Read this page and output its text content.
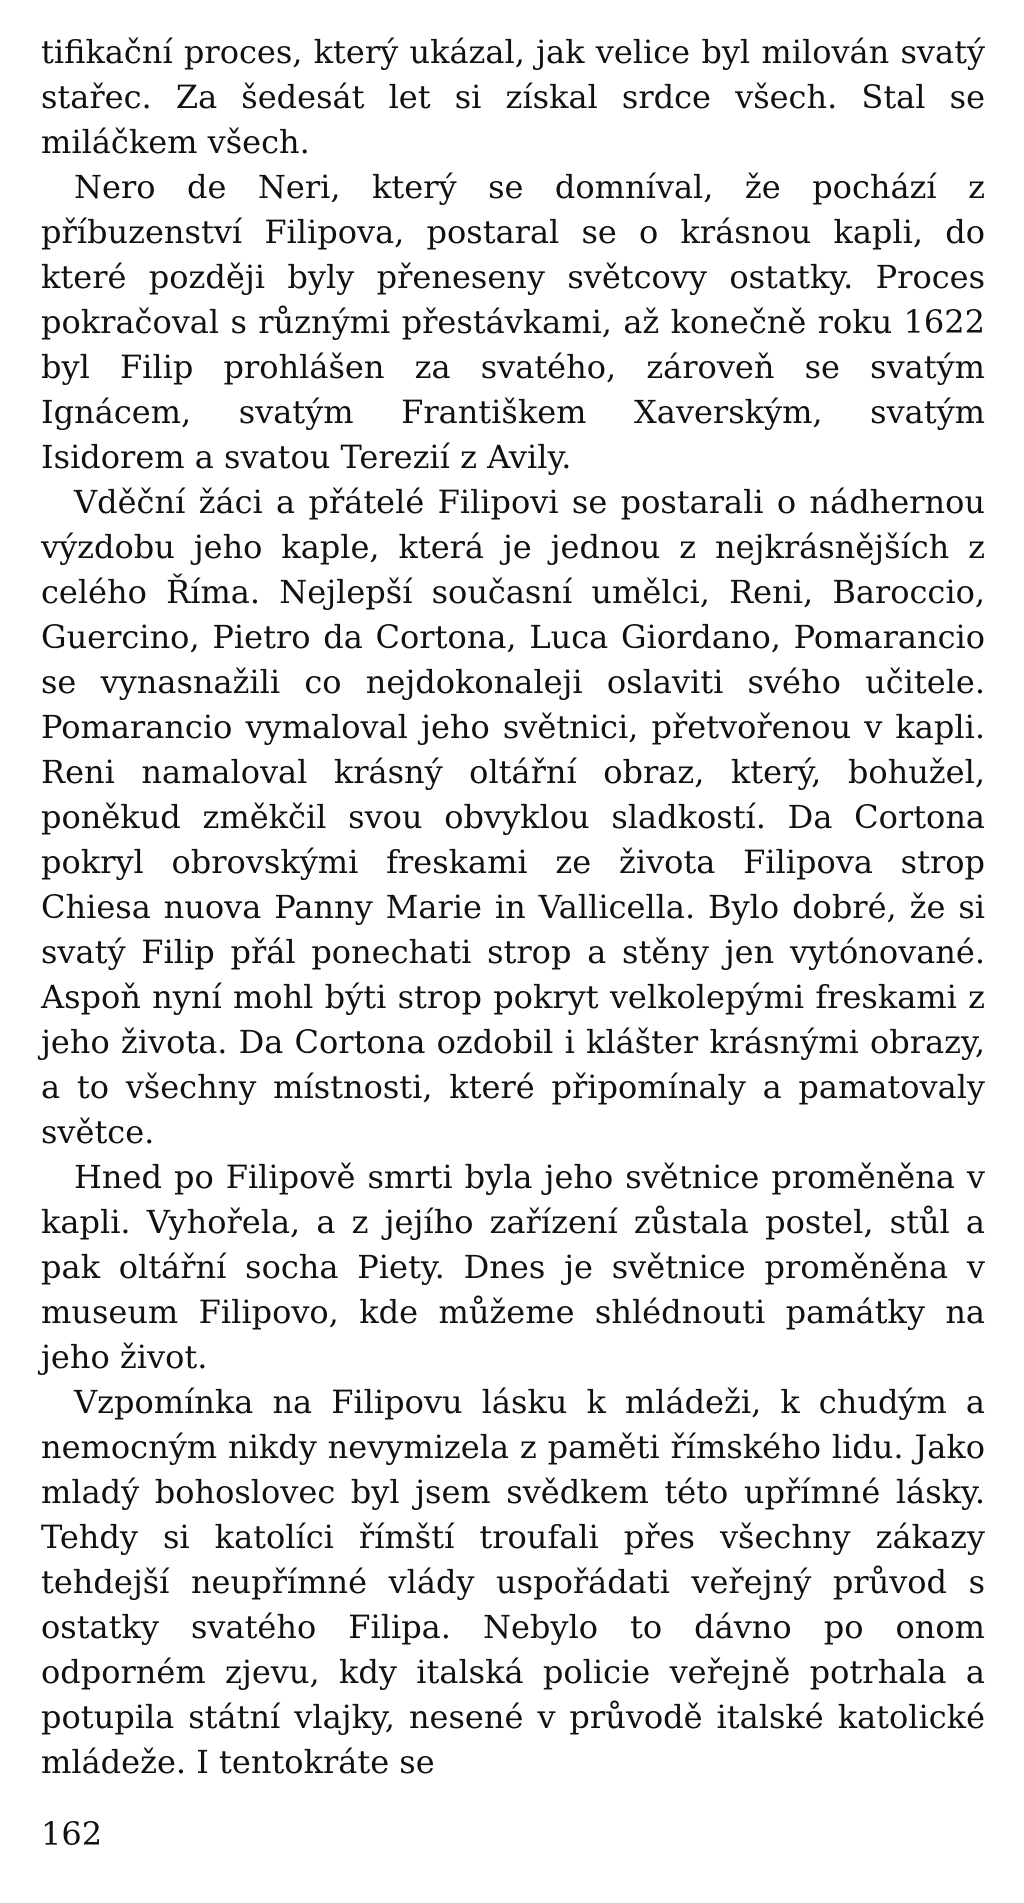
tifikační proces, který ukázal, jak velice byl milován svatý stařec. Za šedesát let si získal srdce všech. Stal se miláčkem všech.

Nero de Neri, který se domníval, že pochází z příbuzenství Filipova, postaral se o krásnou kapli, do které později byly přeneseny světcovy ostatky. Proces pokračoval s různými přestávkami, až konečně roku 1622 byl Filip prohlášen za svatého, zároveň se svatým Ignácem, svatým Františkem Xaverským, svatým Isidorem a svatou Terezií z Avily.

Vděční žáci a přátelé Filipovi se postarali o nádhernou výzdobu jeho kaple, která je jednou z nejkrásnějších z celého Říma. Nejlepší současní umělci, Reni, Baroccio, Guercino, Pietro da Cortona, Luca Giordano, Pomarancio se vynasnažili co nejdokonaleji oslaviti svého učitele. Pomarancio vymaloval jeho světnici, přetvořenou v kapli. Reni namaloval krásný oltářní obraz, který, bohužel, poněkud změkčil svou obvyklou sladkostí. Da Cortona pokryl obrovskými freskami ze života Filipova strop Chiesa nuova Panny Marie in Vallicella. Bylo dobré, že si svatý Filip přál ponechati strop a stěny jen vytónované. Aspoň nyní mohl býti strop pokryt velkolepými freskami z jeho života. Da Cortona ozdobil i klášter krásnými obrazy, a to všechny místnosti, které připomínaly a pamatovaly světce.

Hned po Filipově smrti byla jeho světnice proměněna v kapli. Vyhořela, a z jejího zařízení zůstala postel, stůl a pak oltářní socha Piety. Dnes je světnice proměněna v museum Filipovo, kde můžeme shlédnouti památky na jeho život.

Vzpomínka na Filipovu lásku k mládeži, k chudým a nemocným nikdy nevymizela z paměti římského lidu. Jako mladý bohoslovec byl jsem svědkem této upřímné lásky. Tehdy si katolíci římští troufali přes všechny zákazy tehdejší neupřímné vlády uspořádati veřejný průvod s ostatky svatého Filipa. Nebylo to dávno po onom odporném zjevu, kdy italská policie veřejně potrhala a potupila státní vlajky, nesené v průvodě italské katolické mládeže. I tentokráte se

162
